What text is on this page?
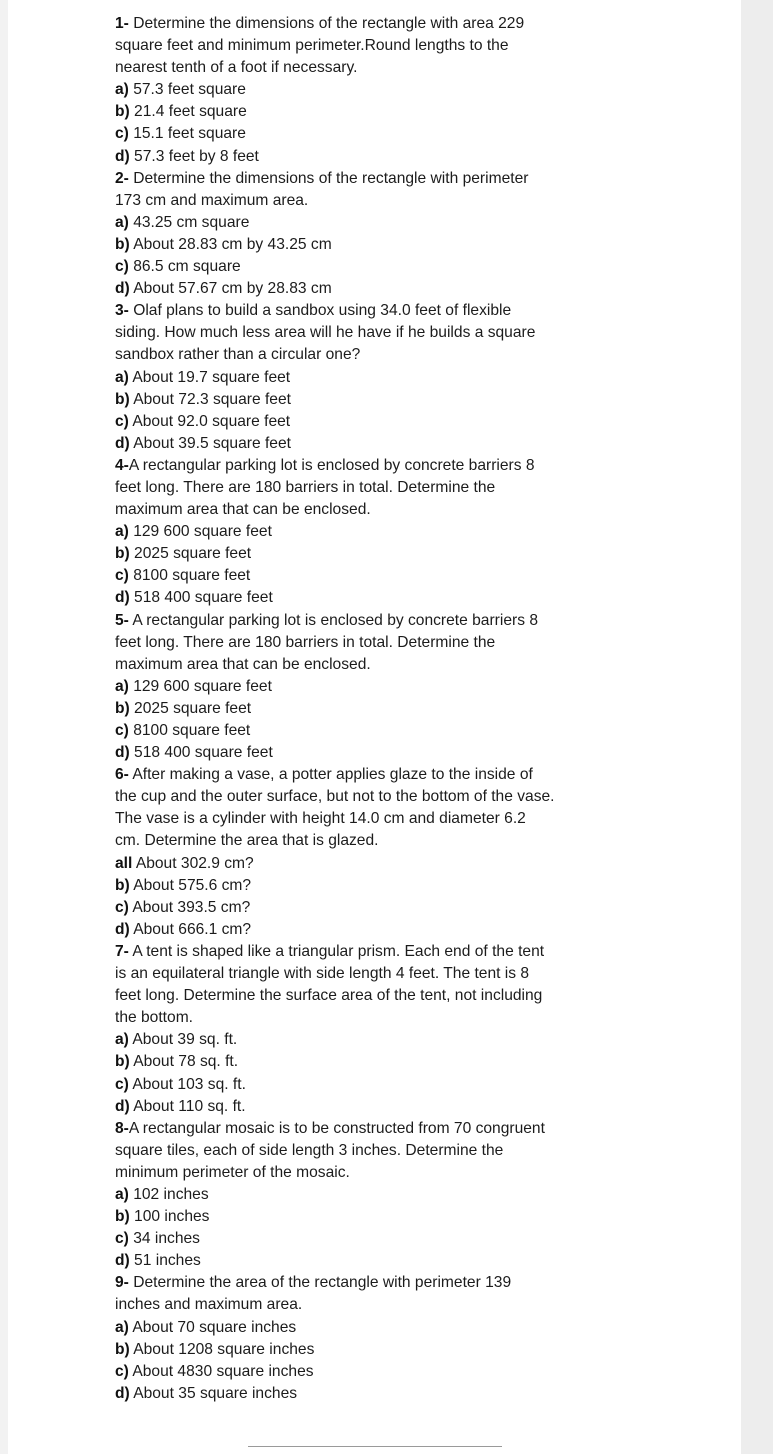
1- Determine the dimensions of the rectangle with area 229 square feet and minimum perimeter.Round lengths to the nearest tenth of a foot if necessary.
a) 57.3 feet square
b) 21.4 feet square
c) 15.1 feet square
d) 57.3 feet by 8 feet
2- Determine the dimensions of the rectangle with perimeter 173 cm and maximum area.
a) 43.25 cm square
b) About 28.83 cm by 43.25 cm
c) 86.5 cm square
d) About 57.67 cm by 28.83 cm
3- Olaf plans to build a sandbox using 34.0 feet of flexible siding. How much less area will he have if he builds a square sandbox rather than a circular one?
a) About 19.7 square feet
b) About 72.3 square feet
c) About 92.0 square feet
d) About 39.5 square feet
4-A rectangular parking lot is enclosed by concrete barriers 8 feet long. There are 180 barriers in total. Determine the maximum area that can be enclosed.
a) 129 600 square feet
b) 2025 square feet
c) 8100 square feet
d) 518 400 square feet
5- A rectangular parking lot is enclosed by concrete barriers 8 feet long. There are 180 barriers in total. Determine the maximum area that can be enclosed.
a) 129 600 square feet
b) 2025 square feet
c) 8100 square feet
d) 518 400 square feet
6- After making a vase, a potter applies glaze to the inside of the cup and the outer surface, but not to the bottom of the vase. The vase is a cylinder with height 14.0 cm and diameter 6.2 cm. Determine the area that is glazed.
all About 302.9 cm?
b) About 575.6 cm?
c) About 393.5 cm?
d) About 666.1 cm?
7- A tent is shaped like a triangular prism. Each end of the tent is an equilateral triangle with side length 4 feet. The tent is 8 feet long. Determine the surface area of the tent, not including the bottom.
a) About 39 sq. ft.
b) About 78 sq. ft.
c) About 103 sq. ft.
d) About 110 sq. ft.
8-A rectangular mosaic is to be constructed from 70 congruent square tiles, each of side length 3 inches. Determine the minimum perimeter of the mosaic.
a) 102 inches
b) 100 inches
c) 34 inches
d) 51 inches
9- Determine the area of the rectangle with perimeter 139 inches and maximum area.
a) About 70 square inches
b) About 1208 square inches
c) About 4830 square inches
d) About 35 square inches
